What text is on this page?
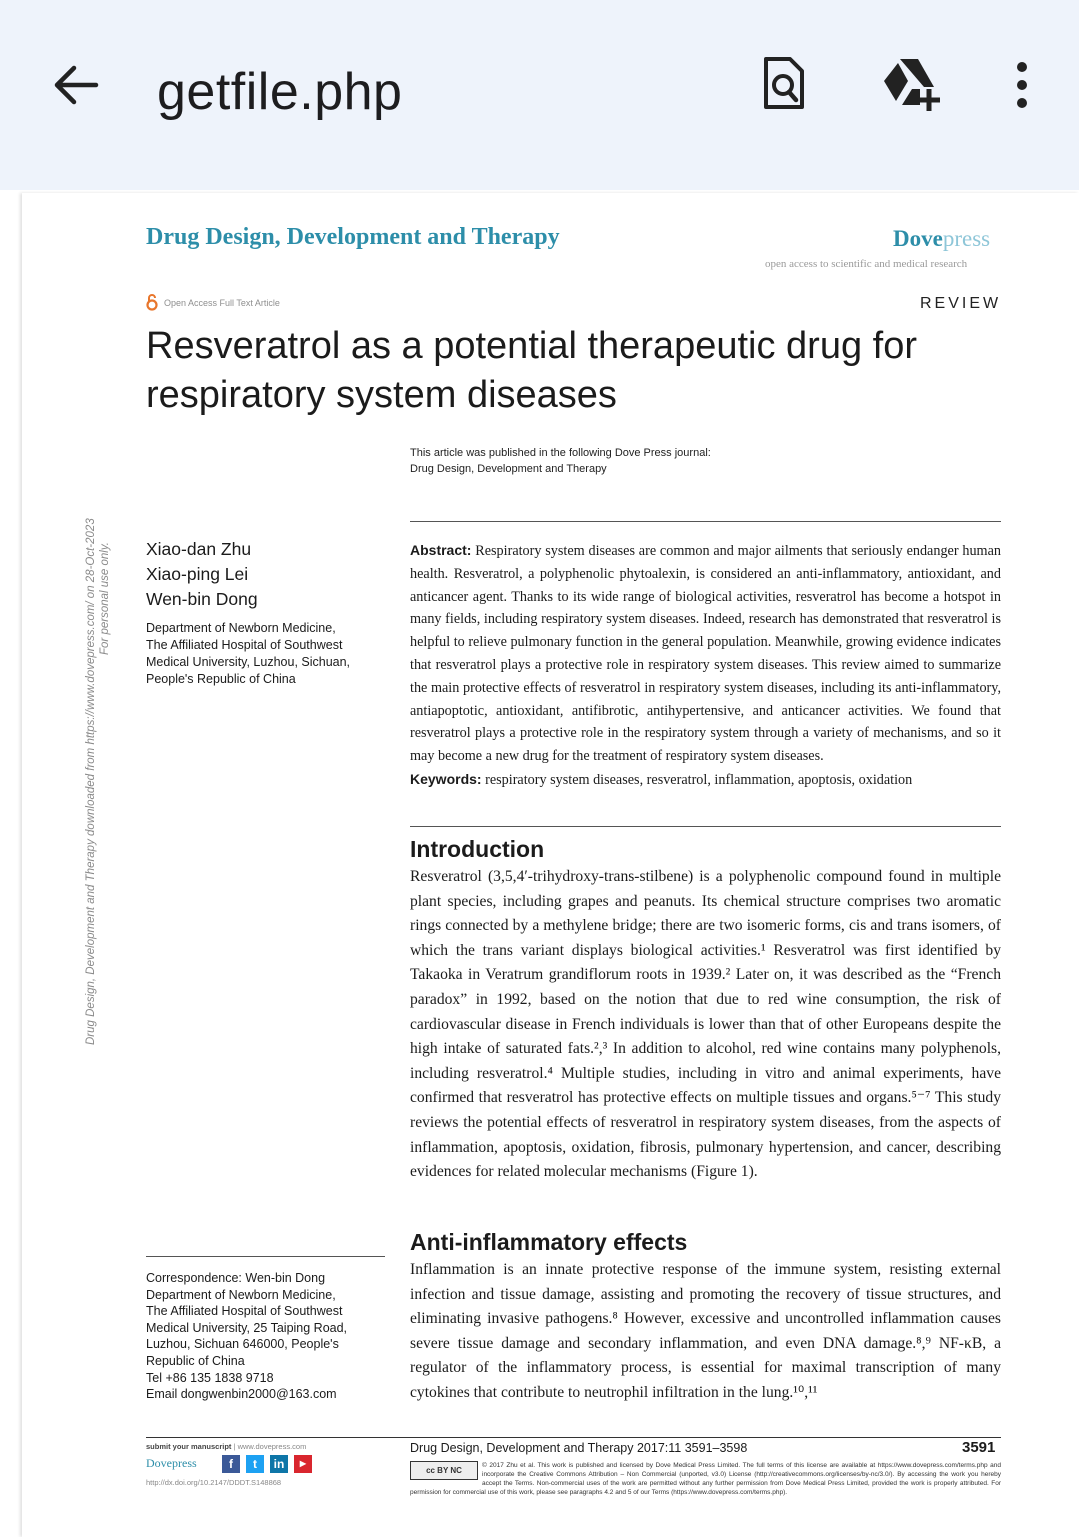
getfile.php
Drug Design, Development and Therapy	Dovepress
open access to scientific and medical research
Open Access Full Text Article	REVIEW
Resveratrol as a potential therapeutic drug for respiratory system diseases
This article was published in the following Dove Press journal:
Drug Design, Development and Therapy
Xiao-dan Zhu
Xiao-ping Lei
Wen-bin Dong
Department of Newborn Medicine,
The Affiliated Hospital of Southwest
Medical University, Luzhou, Sichuan,
People's Republic of China
Abstract: Respiratory system diseases are common and major ailments that seriously endanger human health. Resveratrol, a polyphenolic phytoalexin, is considered an anti-inflammatory, antioxidant, and anticancer agent. Thanks to its wide range of biological activities, resveratrol has become a hotspot in many fields, including respiratory system diseases. Indeed, research has demonstrated that resveratrol is helpful to relieve pulmonary function in the general population. Meanwhile, growing evidence indicates that resveratrol plays a protective role in respiratory system diseases. This review aimed to summarize the main protective effects of resveratrol in respiratory system diseases, including its anti-inflammatory, antiapoptotic, antioxidant, antifibrotic, antihypertensive, and anticancer activities. We found that resveratrol plays a protective role in the respiratory system through a variety of mechanisms, and so it may become a new drug for the treatment of respiratory system diseases.
Keywords: respiratory system diseases, resveratrol, inflammation, apoptosis, oxidation
Introduction
Resveratrol (3,5,4′-trihydroxy-trans-stilbene) is a polyphenolic compound found in multiple plant species, including grapes and peanuts. Its chemical structure comprises two aromatic rings connected by a methylene bridge; there are two isomeric forms, cis and trans isomers, of which the trans variant displays biological activities.¹ Resveratrol was first identified by Takaoka in Veratrum grandiflorum roots in 1939.² Later on, it was described as the “French paradox” in 1992, based on the notion that due to red wine consumption, the risk of cardiovascular disease in French individuals is lower than that of other Europeans despite the high intake of saturated fats.²,³ In addition to alcohol, red wine contains many polyphenols, including resveratrol.⁴ Multiple studies, including in vitro and animal experiments, have confirmed that resveratrol has protective effects on multiple tissues and organs.⁵⁻⁷ This study reviews the potential effects of resveratrol in respiratory system diseases, from the aspects of inflammation, apoptosis, oxidation, fibrosis, pulmonary hypertension, and cancer, describing evidences for related molecular mechanisms (Figure 1).
Anti-inflammatory effects
Inflammation is an innate protective response of the immune system, resisting external infection and tissue damage, assisting and promoting the recovery of tissue structures, and eliminating invasive pathogens.⁸ However, excessive and uncontrolled inflammation causes severe tissue damage and secondary inflammation, and even DNA damage.⁸,⁹ NF-κB, a regulator of the inflammatory process, is essential for maximal transcription of many cytokines that contribute to neutrophil infiltration in the lung.¹⁰,¹¹
Correspondence: Wen-bin Dong
Department of Newborn Medicine,
The Affiliated Hospital of Southwest
Medical University, 25 Taiping Road,
Luzhou, Sichuan 646000, People's
Republic of China
Tel +86 135 1838 9718
Email dongwenbin2000@163.com
Drug Design, Development and Therapy downloaded from https://www.dovepress.com/ on 28-Oct-2023 For personal use only.
submit your manuscript | www.dovepress.com
Dovepress	f t in ▶
http://dx.doi.org/10.2147/DDDT.S148868
Drug Design, Development and Therapy 2017:11 3591–3598	3591
cc BY NC
© 2017 Zhu et al. This work is published and licensed by Dove Medical Press Limited. The full terms of this license are available at https://www.dovepress.com/terms.php and incorporate the Creative Commons Attribution – Non Commercial (unported, v3.0) License (http://creativecommons.org/licenses/by-nc/3.0/). By accessing the work you hereby accept the Terms. Non-commercial uses of the work are permitted without any further permission from Dove Medical Press Limited, provided the work is properly attributed. For permission for commercial use of this work, please see paragraphs 4.2 and 5 of our Terms (https://www.dovepress.com/terms.php).
